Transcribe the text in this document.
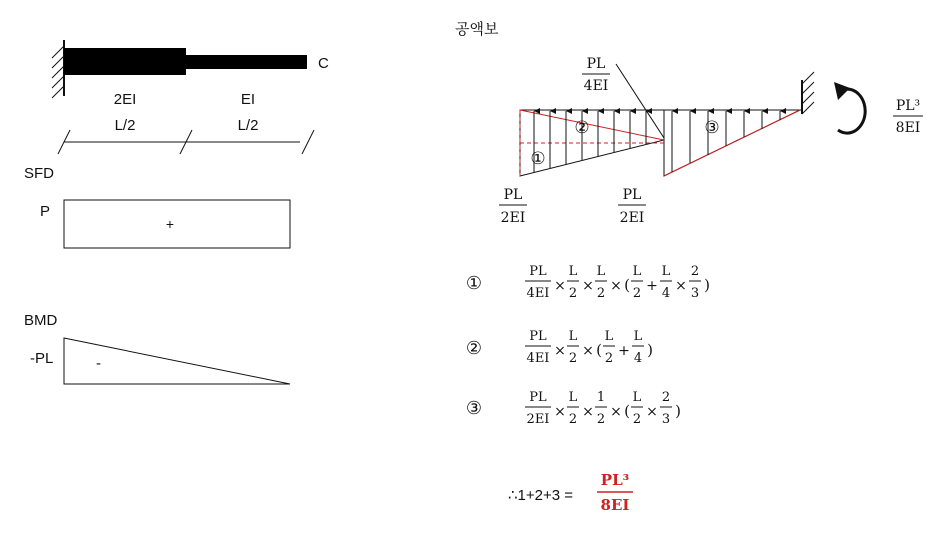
C
2EI	EI
L/2	L/2
SFD
P
+
BMD
-PL	-
공액보
PL
4EI
①
②	③
PL³
8EI
PL
2EI
PL
2EI
①
PL
4EI ×
L
2 ×
L
2 × (
L
2 +
L
4 ×
2
3 )
②
PL
4EI ×
L
2 × (
L
2 +
L
4 )
③
PL
2EI ×
L
2 ×
1
2 × (
L
2 ×
2
3 )
∴1+2+3 =
PL³
8EI
